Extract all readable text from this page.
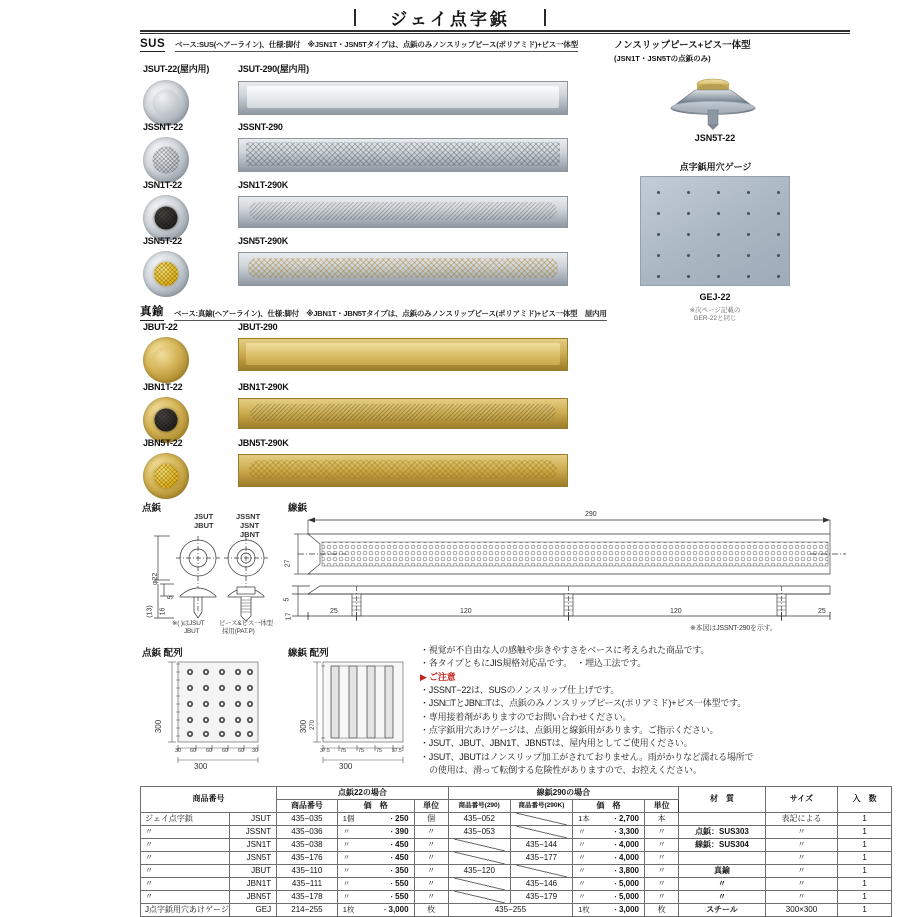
ジェイ点字鋲
SUS ベース:SUS(ヘアーライン)、仕様:脚付　※JSN1T・JSN5Tタイプは、点鋲のみノンスリップピース(ポリアミド)+ビス一体型
JSUT-22(屋内用)	JSUT-290(屋内用)
JSSNT-22	JSSNT-290
JSN1T-22	JSN1T-290K
JSN5T-22	JSN5T-290K
真鍮 ベース:真鍮(ヘアーライン)、仕様:脚付　※JBN1T・JBN5Tタイプは、点鋲のみノンスリップピース(ポリアミド)+ビス一体型　屋内用
JBUT-22	JBUT-290
JBN1T-22	JBN1T-290K
JBN5T-22	JBN5T-290K
ノンスリップピース+ビス一体型
(JSN1T・JSN5Tの点鋲のみ)
JSN5T-22
点字鋲用穴ゲージ
GEJ-22
※次ページ記載の
GER-22と同じ
点鋲	線鋲
φ22
5
16
(13)
JSUT
JBUT
JSSNT
JSNT
JBNT
※( )はJSUT
JBUT
ピース&ビス一体型
採用(PAT.P)
290
27
5
17
25	120	120	25
※本図はJSSNT-290を示す。
点鋲 配列	線鋲 配列
300
300
30 60 60 60 60 30
300 270
300
37.5 75 75 75 37.5
・視覚が不自由な人の感触や歩きやすさをベースに考えられた商品です。
・各タイプともにJIS規格対応品です。　・埋込工法です。
▶ ご注意
・JSSNT−22は、SUSのノンスリップ仕上げです。
・JSN□TとJBN□Tは、点鋲のみノンスリップピース(ポリアミド)+ビス一体型です。
・専用接着剤がありますのでお問い合わせください。
・点字鋲用穴あけゲージは、点鋲用と線鋲用があります。ご指示ください。
・JSUT、JBUT、JBN1T、JBN5Tは、屋内用としてご使用ください。
・JSUT、JBUTはノンスリップ加工がされておりません。雨がかりなど濡れる場所で
の使用は、滑って転倒する危険性がありますので、お控えください。
商品番号		点鋲22の場合			線鋲290の場合				材　質	サイズ	入　数
		商品番号	価　格	単位	商品番号(290)	商品番号(290K)	価　格	単位			
ジェイ点字鋲	JSUT	435−035	1個 ・250	個	435−052		1本 ・2,700	本		表記による	1
〃	JSSNT	435−036	〃 ・390	〃	435−053		〃 ・3,300	〃	点鋲：SUS303	〃	1
〃	JSN1T	435−038	〃 ・450	〃		435−144	〃 ・4,000	〃	線鋲：SUS304	〃	1
〃	JSN5T	435−176	〃 ・450	〃		435−177	〃 ・4,000	〃		〃	1
〃	JBUT	435−110	〃 ・350	〃	435−120		〃 ・3,800	〃	真鍮	〃	1
〃	JBN1T	435−111	〃 ・550	〃		435−146	〃 ・5,000	〃	〃	〃	1
〃	JBN5T	435−178	〃 ・550	〃		435−179	〃 ・5,000	〃	〃	〃	1
J点字鋲用穴あけゲージ	GEJ	214−255	1枚 ・3,000	枚	435−255		1枚 ・3,000	枚	スチール	300×300	1
